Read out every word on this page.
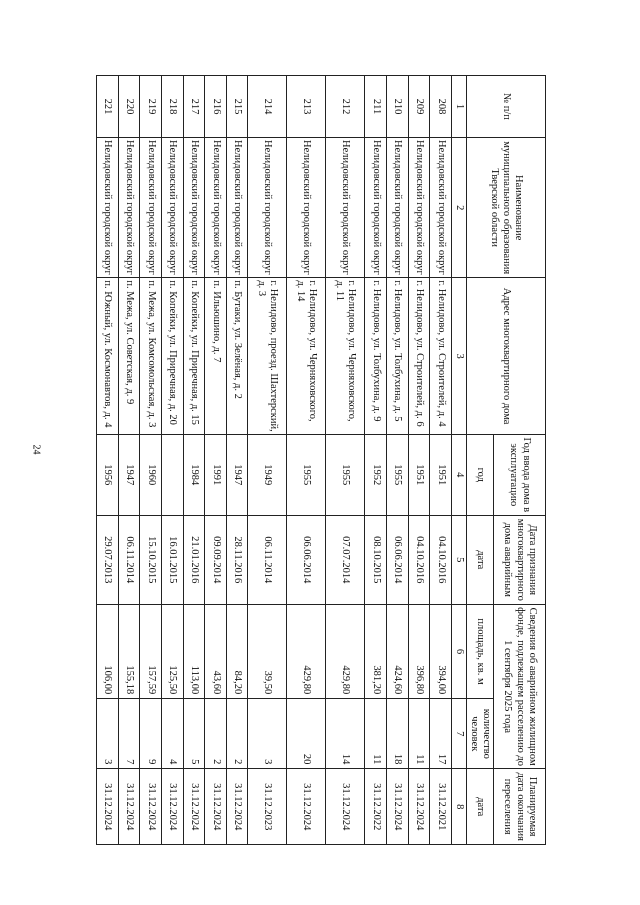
24
№ п/п	Наименование муниципального образования Тверской области	Адрес многоквартирного дома	Год ввода дома в эксплуатацию	Дата признания многоквартирного дома аварийным	Сведения об аварийном жилищном фонде, подлежащем расселению до 1 сентября 2025 года		Планируемая дата окончания переселения
			год	дата	площадь, кв. м	количество человек	дата
1	2	3	4	5	6	7	8
208	Нелидовский городской округ	г. Нелидово, ул. Строителей, д. 4	1951	04.10.2016	394,00	17	31.12.2021
209	Нелидовский городской округ	г. Нелидово, ул. Строителей, д. 6	1951	04.10.2016	396,80	11	31.12.2024
210	Нелидовский городской округ	г. Нелидово, ул. Толбухина, д. 5	1955	06.06.2014	424,60	18	31.12.2024
211	Нелидовский городской округ	г. Нелидово, ул. Толбухина, д. 9	1952	08.10.2015	381,20	11	31.12.2022
212	Нелидовский городской округ	г. Нелидово, ул. Черняховского, д. 11	1955	07.07.2014	429,80	14	31.12.2024
213	Нелидовский городской округ	г. Нелидово, ул. Черняховского, д. 14	1955	06.06.2014	429,80	20	31.12.2024
214	Нелидовский городской округ	г. Нелидово, проезд. Шахтерский, д. 3	1949	06.11.2014	39,50	3	31.12.2023
215	Нелидовский городской округ	п. Бутаки, ул. Зелёная, д. 2	1947	28.11.2016	84,20	2	31.12.2024
216	Нелидовский городской округ	п. Ильюшино, д. 7	1991	09.09.2014	43,60	2	31.12.2024
217	Нелидовский городской округ	п. Копейки, ул. Приречная, д. 15	1984	21.01.2016	113,00	5	31.12.2024
218	Нелидовский городской округ	п. Копейки, ул. Приречная, д. 20		16.01.2015	125,50	4	31.12.2024
219	Нелидовский городской округ	п. Межа, ул. Комсомольская, д. 3	1960	15.10.2015	157,59	9	31.12.2024
220	Нелидовский городской округ	п. Межа, ул. Советская, д. 9	1947	06.11.2014	155,18	7	31.12.2024
221	Нелидовский городской округ	п. Южный, ул. Космонавтов, д. 4	1956	29.07.2013	106,00	3	31.12.2024
